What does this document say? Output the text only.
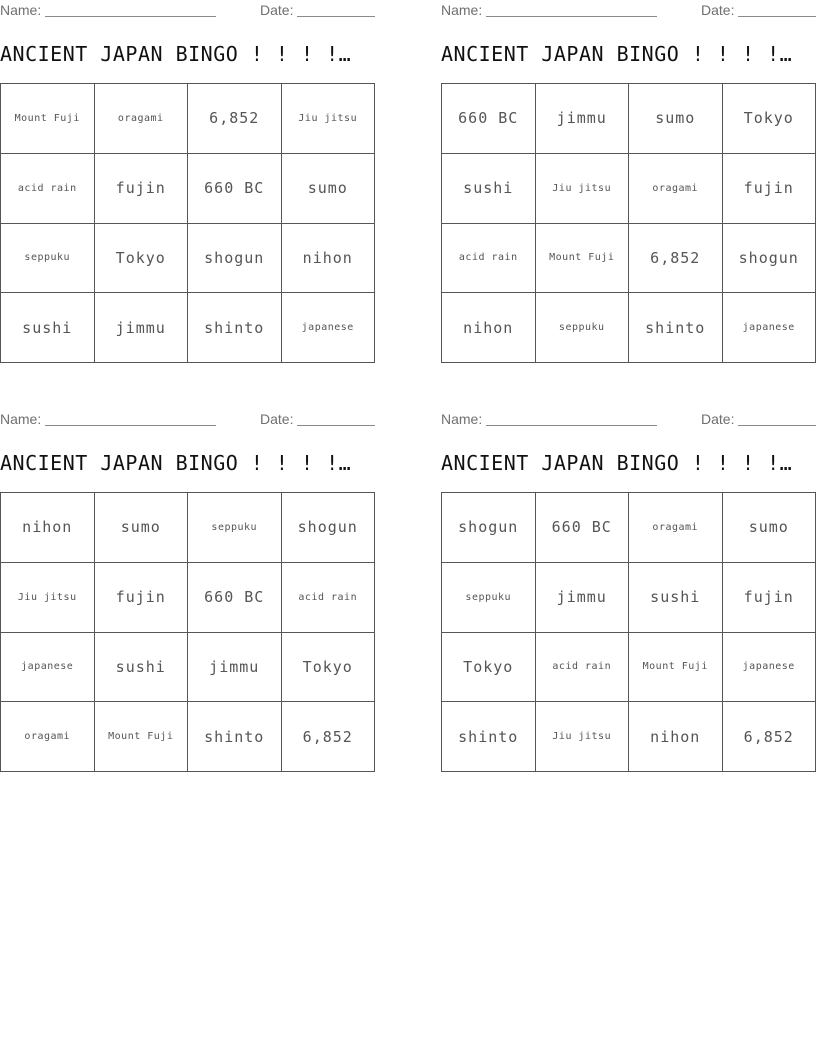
Name:	Date:
ANCIENT JAPAN BINGO ! ! ! !…
Mount Fuji	oragami	6,852	Jiu jitsu
acid rain	fujin	660 BC	sumo
seppuku	Tokyo	shogun	nihon
sushi	jimmu	shinto	japanese
Name:	Date:
ANCIENT JAPAN BINGO ! ! ! !…
660 BC	jimmu	sumo	Tokyo
sushi	Jiu jitsu	oragami	fujin
acid rain	Mount Fuji	6,852	shogun
nihon	seppuku	shinto	japanese
Name:	Date:
ANCIENT JAPAN BINGO ! ! ! !…
nihon	sumo	seppuku	shogun
Jiu jitsu	fujin	660 BC	acid rain
japanese	sushi	jimmu	Tokyo
oragami	Mount Fuji	shinto	6,852
Name:	Date:
ANCIENT JAPAN BINGO ! ! ! !…
shogun	660 BC	oragami	sumo
seppuku	jimmu	sushi	fujin
Tokyo	acid rain	Mount Fuji	japanese
shinto	Jiu jitsu	nihon	6,852
